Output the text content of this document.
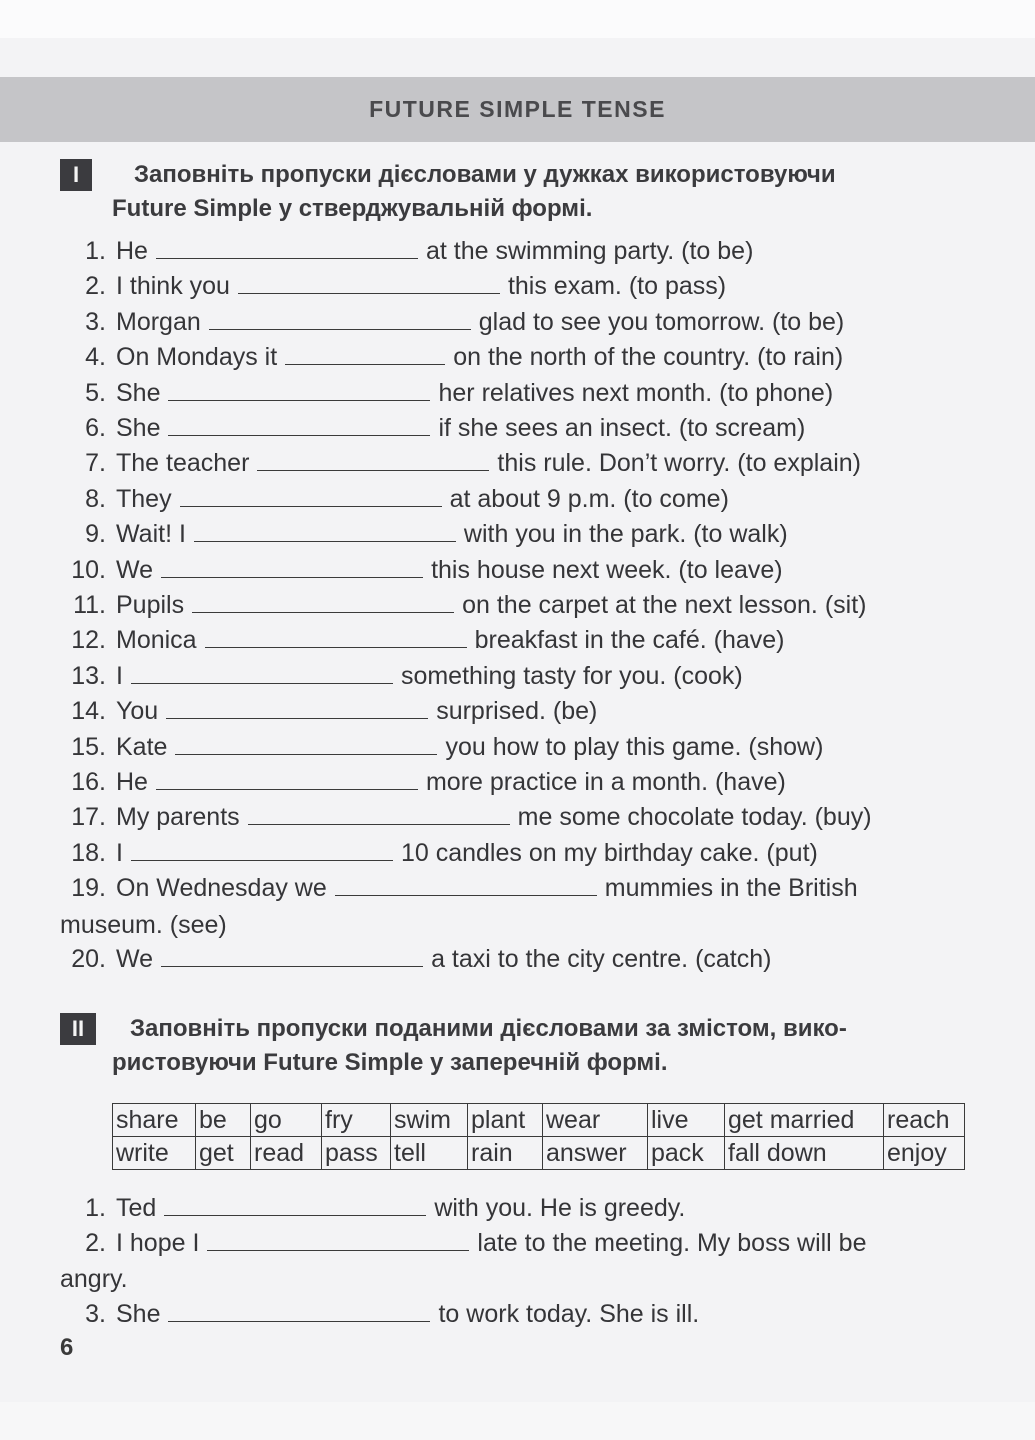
FUTURE SIMPLE TENSE
I	Заповніть пропуски дієсловами у дужках використовуючи
Future Simple у стверджувальній формі.
1. He	at the swimming party. (to be)
2. I think you	this exam. (to pass)
3. Morgan	glad to see you tomorrow. (to be)
4. On Mondays it	on the north of the country. (to rain)
5. She	her relatives next month. (to phone)
6. She	if she sees an insect. (to scream)
7. The teacher	this rule. Don’t worry. (to explain)
8. They	at about 9 p.m. (to come)
9. Wait! I	with you in the park. (to walk)
10. We	this house next week. (to leave)
11. Pupils	on the carpet at the next lesson. (sit)
12. Monica	breakfast in the café. (have)
13. I	something tasty for you. (cook)
14. You	surprised. (be)
15. Kate	you how to play this game. (show)
16. He	more practice in a month. (have)
17. My parents	me some chocolate today. (buy)
18. I	10 candles on my birthday cake. (put)
19. On Wednesday we	mummies in the British
20. We	a taxi to the city centre. (catch)
museum. (see)
II	Заповніть пропуски поданими дієсловами за змістом, вико-
ристовуючи Future Simple у заперечній формі.
share	be	go	fry	swim	plant	wear	live	get married	reach
write	get	read	pass	tell	rain	answer	pack	fall down	enjoy
1. Ted	with you. He is greedy.
2. I hope I	late to the meeting. My boss will be
3. She	to work today. She is ill.
angry.
6
